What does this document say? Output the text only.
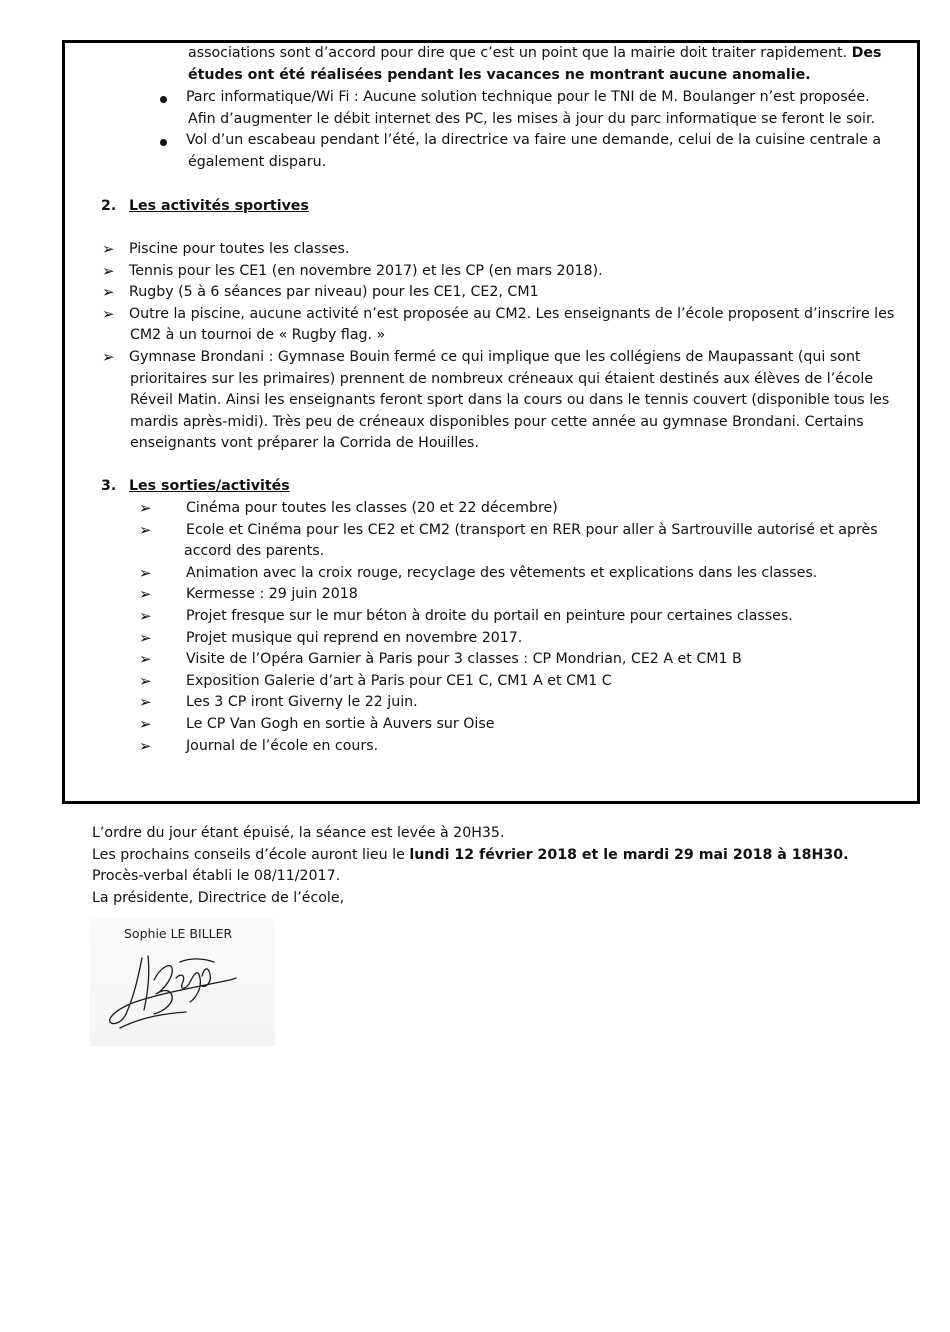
associations sont d’accord pour dire que c’est un point que la mairie doit traiter rapidement. Des
études ont été réalisées pendant les vacances ne montrant aucune anomalie.
Parc informatique/Wi Fi : Aucune solution technique pour le TNI de M. Boulanger n’est proposée.
Afin d’augmenter le débit internet des PC, les mises à jour du parc informatique se feront le soir.
Vol d’un escabeau pendant l’été, la directrice va faire une demande, celui de la cuisine centrale a
également disparu.
2. Les activités sportives
➢ Piscine pour toutes les classes.
➢ Tennis pour les CE1 (en novembre 2017) et les CP (en mars 2018).
➢ Rugby (5 à 6 séances par niveau) pour les CE1, CE2, CM1
➢ Outre la piscine, aucune activité n’est proposée au CM2. Les enseignants de l’école proposent d’inscrire les
CM2 à un tournoi de « Rugby flag. »
➢ Gymnase Brondani : Gymnase Bouin fermé ce qui implique que les collégiens de Maupassant (qui sont
prioritaires sur les primaires) prennent de nombreux créneaux qui étaient destinés aux élèves de l’école
Réveil Matin. Ainsi les enseignants feront sport dans la cours ou dans le tennis couvert (disponible tous les
mardis après-midi). Très peu de créneaux disponibles pour cette année au gymnase Brondani. Certains
enseignants vont préparer la Corrida de Houilles.
3. Les sorties/activités
➢ Cinéma pour toutes les classes (20 et 22 décembre)
➢ Ecole et Cinéma pour les CE2 et CM2 (transport en RER pour aller à Sartrouville autorisé et après
accord des parents.
➢ Animation avec la croix rouge, recyclage des vêtements et explications dans les classes.
➢ Kermesse : 29 juin 2018
➢ Projet fresque sur le mur béton à droite du portail en peinture pour certaines classes.
➢ Projet musique qui reprend en novembre 2017.
➢ Visite de l’Opéra Garnier à Paris pour 3 classes : CP Mondrian, CE2 A et CM1 B
➢ Exposition Galerie d’art à Paris pour CE1 C, CM1 A et CM1 C
➢ Les 3 CP iront Giverny le 22 juin.
➢ Le CP Van Gogh en sortie à Auvers sur Oise
➢ Journal de l’école en cours.
L’ordre du jour étant épuisé, la séance est levée à 20H35.
Les prochains conseils d’école auront lieu le lundi 12 février 2018 et le mardi 29 mai 2018 à 18H30.
Procès-verbal établi le 08/11/2017.
La présidente, Directrice de l’école,
Sophie LE BILLER
